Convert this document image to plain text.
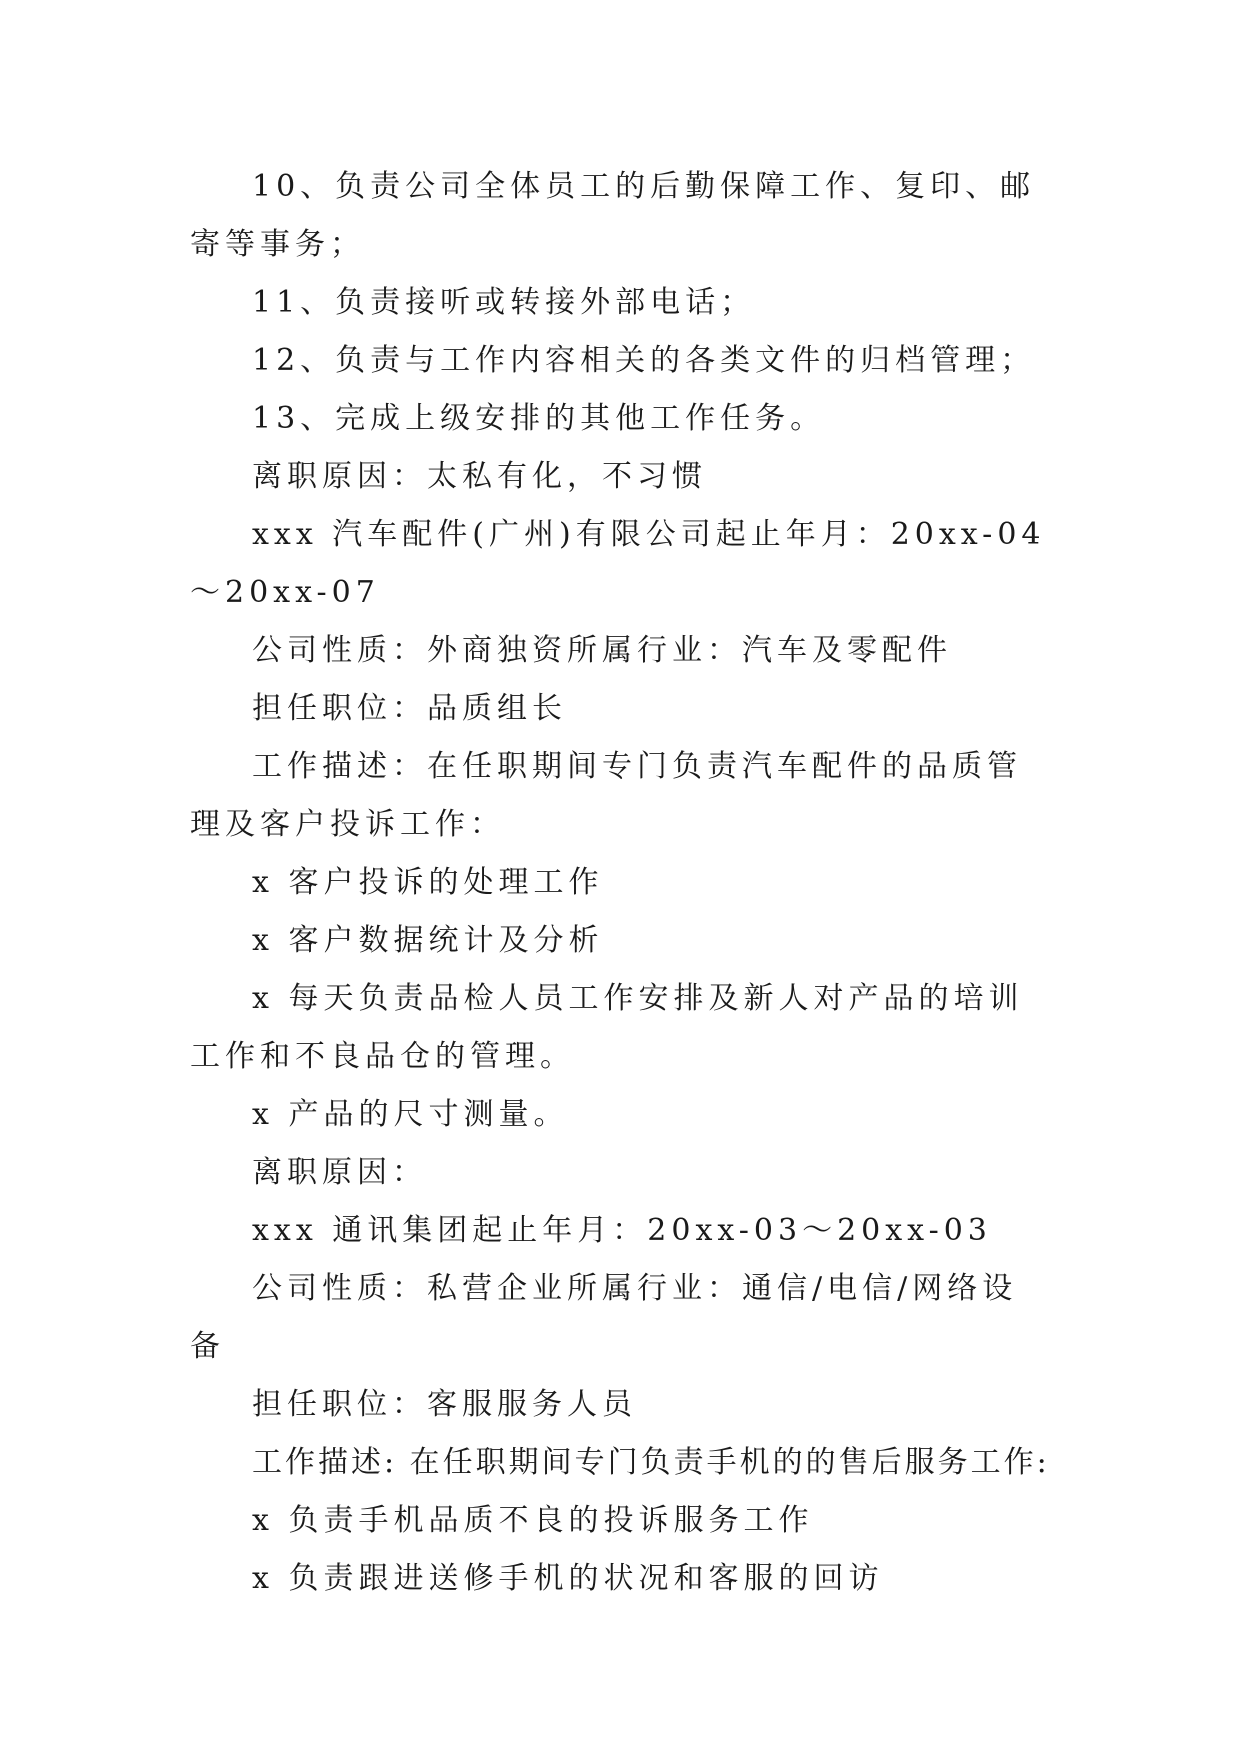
10、负责公司全体员工的后勤保障工作、复印、邮寄等事务；

11、负责接听或转接外部电话；

12、负责与工作内容相关的各类文件的归档管理；

13、完成上级安排的其他工作任务。

离职原因：太私有化，不习惯

xxx 汽车配件(广州)有限公司起止年月：20xx-04～20xx-07

公司性质：外商独资所属行业：汽车及零配件

担任职位：品质组长

工作描述：在任职期间专门负责汽车配件的品质管理及客户投诉工作：

x 客户投诉的处理工作

x 客户数据统计及分析

x 每天负责品检人员工作安排及新人对产品的培训工作和不良品仓的管理。

x 产品的尺寸测量。

离职原因：

xxx 通讯集团起止年月：20xx-03～20xx-03

公司性质：私营企业所属行业：通信/电信/网络设备

担任职位：客服服务人员

工作描述: 在任职期间专门负责手机的的售后服务工作:

x 负责手机品质不良的投诉服务工作

x 负责跟进送修手机的状况和客服的回访
